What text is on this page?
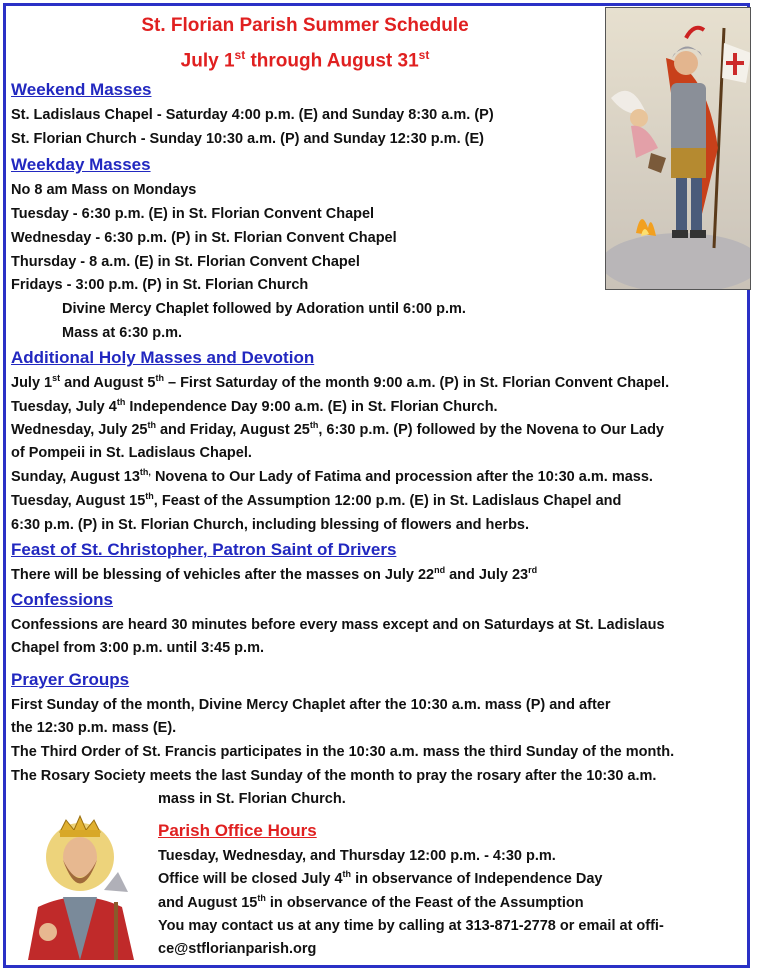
St. Florian Parish Summer Schedule
July 1st through August 31st
Weekend Masses
St. Ladislaus Chapel - Saturday 4:00 p.m. (E) and Sunday 8:30 a.m. (P)
St. Florian Church - Sunday 10:30 a.m. (P) and Sunday 12:30 p.m. (E)
Weekday Masses
No 8 am Mass on Mondays
Tuesday - 6:30 p.m. (E) in St. Florian Convent Chapel
Wednesday - 6:30 p.m. (P) in St. Florian Convent Chapel
Thursday - 8 a.m. (E) in St. Florian Convent Chapel
Fridays - 3:00 p.m. (P) in St. Florian Church
Divine Mercy Chaplet followed by Adoration until 6:00 p.m.
Mass at 6:30 p.m.
Additional Holy Masses and Devotion
July 1st and August 5th – First Saturday of the month 9:00 a.m. (P) in St. Florian Convent Chapel.
Tuesday, July 4th Independence Day 9:00 a.m. (E) in St. Florian Church.
Wednesday, July 25th and Friday, August 25th, 6:30 p.m. (P) followed by the Novena to Our Lady
of Pompeii in St. Ladislaus Chapel.
Sunday, August $13^{th,}$ Novena to Our Lady of Fatima and procession after the 10:30 a.m. mass.
Tuesday, August 15th, Feast of the Assumption 12:00 p.m. (E) in St. Ladislaus Chapel and
6:30 p.m. (P) in St. Florian Church, including blessing of flowers and herbs.
Feast of St. Christopher, Patron Saint of Drivers
There will be blessing of vehicles after the masses on July 22nd and July 23rd
Confessions
Confessions are heard 30 minutes before every mass except and on Saturdays at St. Ladislaus
Chapel from 3:00 p.m. until 3:45 p.m.
Prayer Groups
First Sunday of the month, Divine Mercy Chaplet after the 10:30 a.m. mass (P) and after
the 12:30 p.m. mass (E).
The Third Order of St. Francis participates in the 10:30 a.m. mass the third Sunday of the month.
The Rosary Society meets the last Sunday of the month to pray the rosary after the 10:30 a.m.
mass in St. Florian Church.
Parish Office Hours
Tuesday, Wednesday, and Thursday 12:00 p.m. - 4:30 p.m.
Office will be closed July 4th in observance of Independence Day
and August 15th in observance of the Feast of the Assumption
You may contact us at any time by calling at 313-871-2778 or email at offi-
ce@stflorianparish.org
